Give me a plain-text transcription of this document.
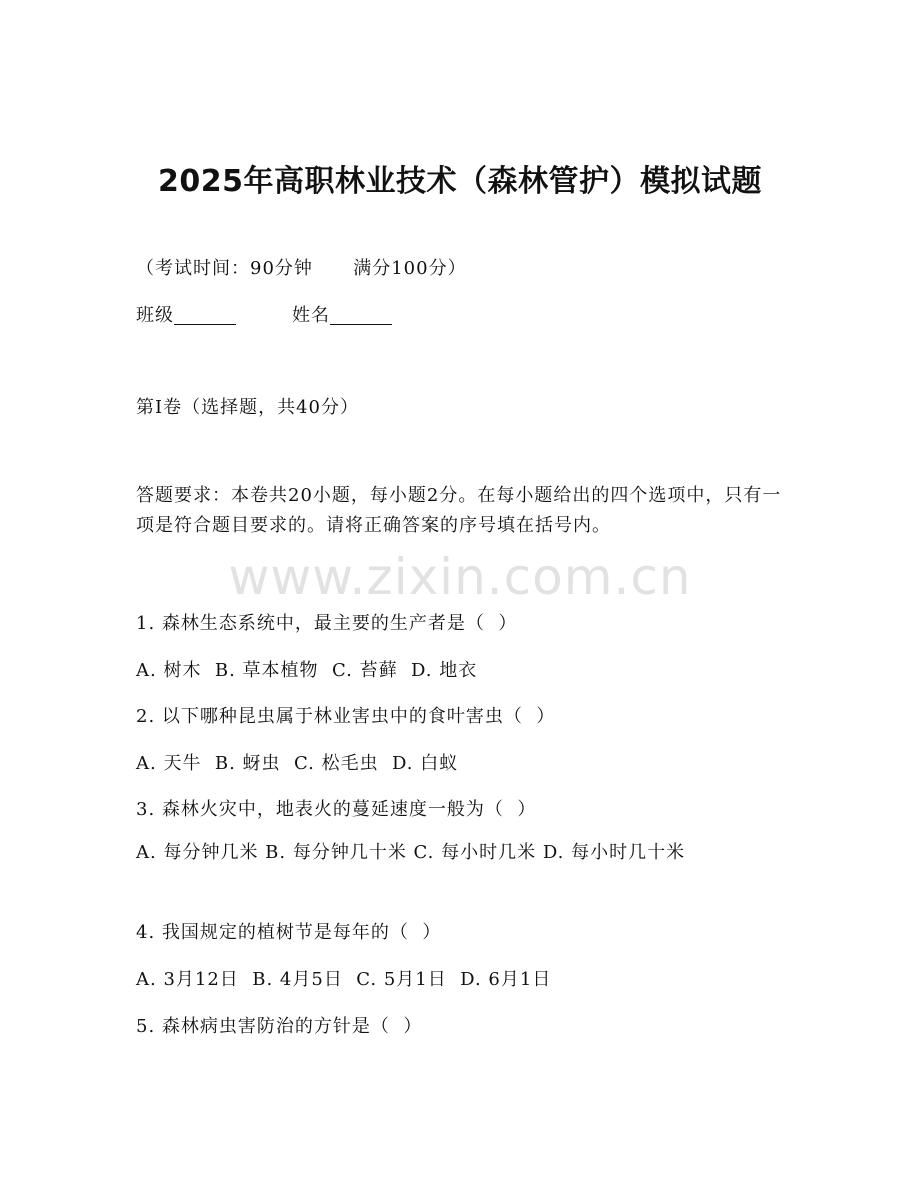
2025年高职林业技术（森林管护）模拟试题
（考试时间：90分钟      满分100分）
班级	姓名
第I卷（选择题，共40分）
答题要求：本卷共20小题，每小题2分。在每小题给出的四个选项中，只有一项是符合题目要求的。请将正确答案的序号填在括号内。
www.zixin.com.cn
1. 森林生态系统中，最主要的生产者是（  ）
A. 树木  B. 草本植物  C. 苔藓  D. 地衣
2. 以下哪种昆虫属于林业害虫中的食叶害虫（  ）
A. 天牛  B. 蚜虫  C. 松毛虫  D. 白蚁
3. 森林火灾中，地表火的蔓延速度一般为（  ）
A. 每分钟几米 B. 每分钟几十米 C. 每小时几米 D. 每小时几十米
4. 我国规定的植树节是每年的（  ）
A. 3月12日  B. 4月5日  C. 5月1日  D. 6月1日
5. 森林病虫害防治的方针是（  ）
